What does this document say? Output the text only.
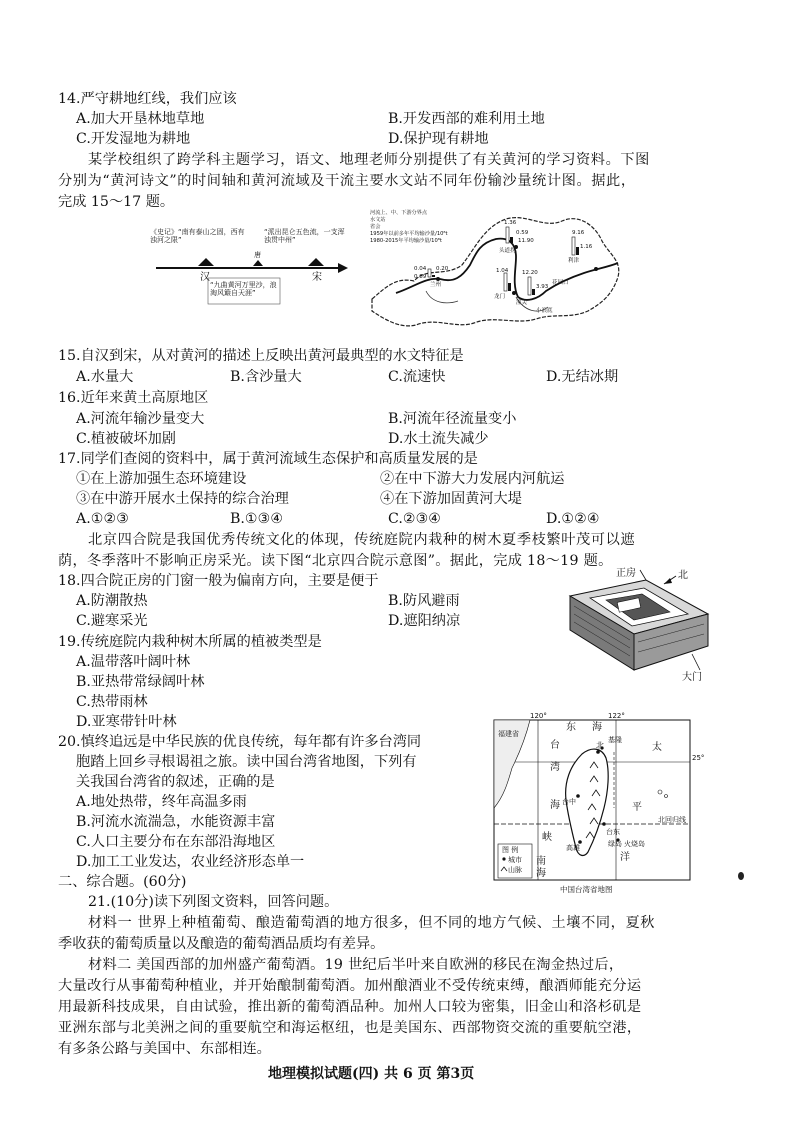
14.严守耕地红线，我们应该
A.加大开垦林地草地	B.开发西部的难利用土地
C.开发湿地为耕地	D.保护现有耕地
某学校组织了跨学科主题学习，语文、地理老师分别提供了有关黄河的学习资料。下图
分别为“黄河诗文”的时间轴和黄河流域及干流主要水文站不同年份输沙量统计图。据此，
完成 15～17 题。
《史记》“南有泰山之固，西有浊河之限”
“派出昆仑五色流，一支浑浊贯中州”
“九曲黄河万里沙，浪淘风簸自天涯”
汉
唐
宋
河流上、中、下游分界点
水文站
省会
1959年以前多年平均输沙量/10⁸t
1980-2015年平均输沙量/10⁸t
兰州
头道拐
龙门
潼关
花园口
利津
小浪底
0.04 0.20
0.89
1.36
0.59
11.90
9.16
1.16
12.20
3.93
1.04
15.自汉到宋，从对黄河的描述上反映出黄河最典型的水文特征是
A.水量大	B.含沙量大	C.流速快	D.无结冰期
16.近年来黄土高原地区
A.河流年输沙量变大	B.河流年径流量变小
C.植被破坏加剧	D.水土流失减少
17.同学们查阅的资料中，属于黄河流域生态保护和高质量发展的是
①在上游加强生态环境建设	②在中下游大力发展内河航运
③在中游开展水土保持的综合治理	④在下游加固黄河大堤
A.①②③	B.①③④	C.②③④	D.①②④
北京四合院是我国优秀传统文化的体现，传统庭院内栽种的树木夏季枝繁叶茂可以遮
荫，冬季落叶不影响正房采光。读下图“北京四合院示意图”。据此，完成 18～19 题。
18.四合院正房的门窗一般为偏南方向，主要是便于
A.防潮散热	B.防风避雨
C.避寒采光	D.遮阳纳凉
正房	北
大门
19.传统庭院内栽种树木所属的植被类型是
A.温带落叶阔叶林
B.亚热带常绿阔叶林
C.热带雨林
D.亚寒带针叶林
20.慎终追远是中华民族的优良传统，每年都有许多台湾同
胞踏上回乡寻根谒祖之旅。读中国台湾省地图，下列有
关我国台湾省的叙述，正确的是
A.地处热带，终年高温多雨
B.河流水流湍急，水能资源丰富
C.人口主要分布在东部沿海地区
D.加工工业发达，农业经济形态单一
120°	122°
25°
东 海
台	北
基隆
太
平
洋
海
峡
南
海
湾
台中
台东
高雄	绿岛 火烧岛
福建省
北回归线
图 例
城市
山脉
中国台湾省地图
二、综合题。(60分)
21.(10分)读下列图文资料，回答问题。
材料一 世界上种植葡萄、酿造葡萄酒的地方很多，但不同的地方气候、土壤不同，夏秋
季收获的葡萄质量以及酿造的葡萄酒品质均有差异。
材料二 美国西部的加州盛产葡萄酒。19 世纪后半叶来自欧洲的移民在淘金热过后，
大量改行从事葡萄种植业，并开始酿制葡萄酒。加州酿酒业不受传统束缚，酿酒师能充分运
用最新科技成果，自由试验，推出新的葡萄酒品种。加州人口较为密集，旧金山和洛杉矶是
亚洲东部与北美洲之间的重要航空和海运枢纽，也是美国东、西部物资交流的重要航空港，
有多条公路与美国中、东部相连。
地理模拟试题(四) 共 6 页 第3页
